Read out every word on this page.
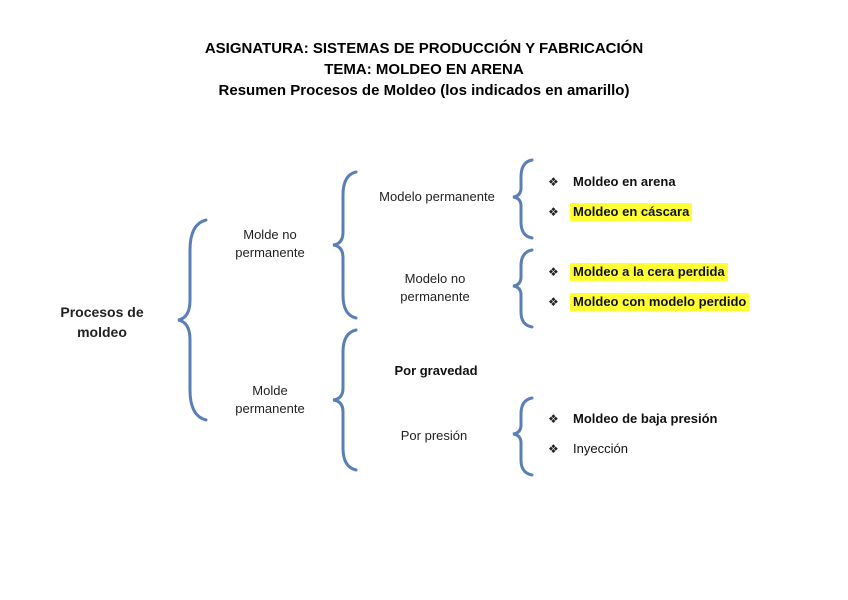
ASIGNATURA: SISTEMAS DE PRODUCCIÓN Y FABRICACIÓN
TEMA: MOLDEO EN ARENA
Resumen Procesos de Moldeo (los indicados en amarillo)
Procesos de
moldeo
Molde no
permanente
Molde
permanente
Modelo permanente
Modelo no
permanente
Por gravedad
Por presión
❖	Moldeo en arena
❖	Moldeo en cáscara
❖	Moldeo a la cera perdida
❖	Moldeo con modelo perdido
❖	Moldeo de baja presión
❖	Inyección
